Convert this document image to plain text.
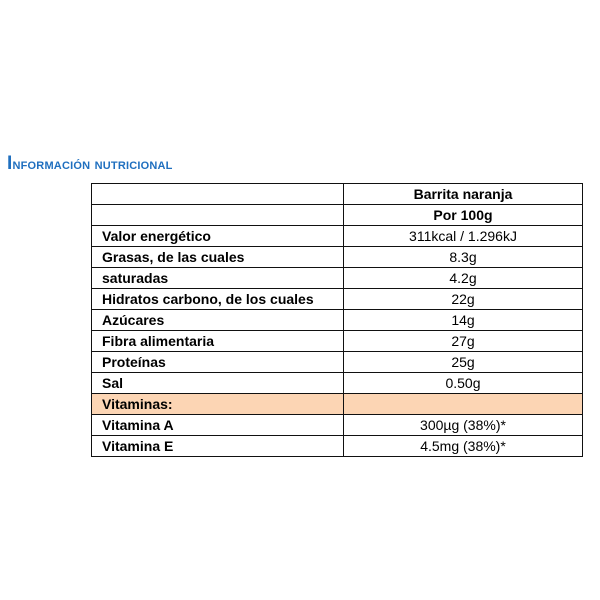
Información nutricional
	Barrita naranja
	Por 100g
Valor energético	311kcal / 1.296kJ
Grasas, de las cuales	8.3g
saturadas	4.2g
Hidratos carbono, de los cuales	22g
Azúcares	14g
Fibra alimentaria	27g
Proteínas	25g
Sal	0.50g
Vitaminas:	
Vitamina A	300µg (38%)*
Vitamina E	4.5mg (38%)*
